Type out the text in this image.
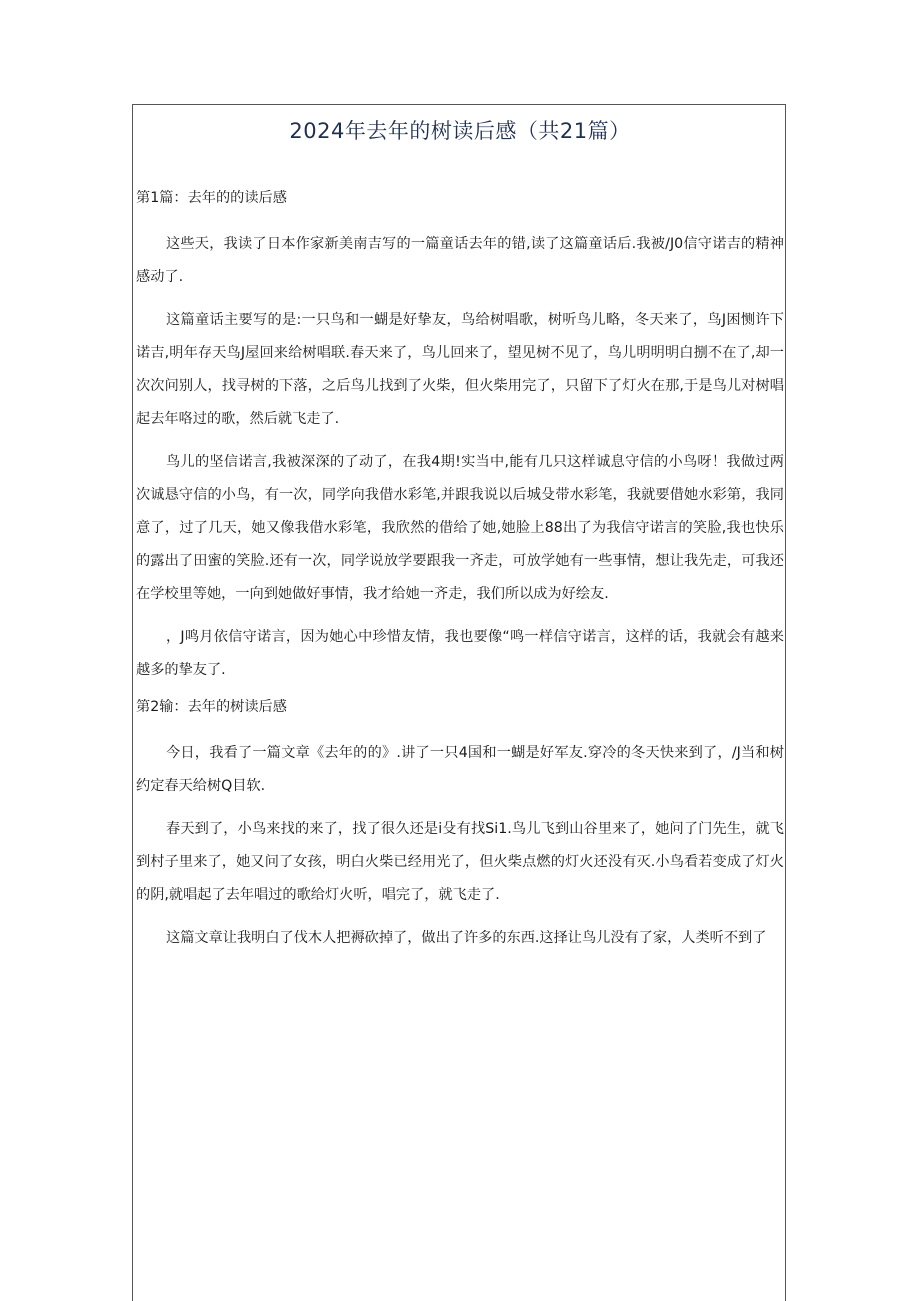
2024年去年的树读后感（共21篇）
第1篇：去年的的读后感

这些天，我读了日本作家新美南吉写的一篇童话去年的错,读了这篇童话后.我被/J0信守诺吉的精神感动了.

这篇童话主要写的是:一只鸟和一蝴是好挚友，鸟给树唱歌，树听鸟儿略，冬天来了，鸟J困恻许下诺吉,明年存天鸟J屋回来给树唱联.春天来了，鸟儿回来了，望见树不见了，鸟儿明明明白捌不在了,却一次次问别人，找寻树的下落，之后鸟儿找到了火柴，但火柴用完了，只留下了灯火在那,于是鸟儿对树唱起去年咯过的歌，然后就飞走了.

鸟儿的坚信诺言,我被深深的了动了，在我4期!实当中,能有几只这样诚息守信的小鸟呀！我做过两次诚恳守信的小鸟，有一次，同学向我借水彩笔,并跟我说以后城殳带水彩笔，我就要借她水彩第，我同意了，过了几天，她又像我借水彩笔，我欣然的借给了她,她脸上88出了为我信守诺言的笑脸,我也快乐的露出了田蜜的笑脸.还有一次，同学说放学要跟我一齐走，可放学她有一些事情，想让我先走，可我还在学校里等她，一向到她做好事情，我才给她一齐走，我们所以成为好绘友.

，J鸣月依信守诺言，因为她心中珍惜友情，我也要像“鸣一样信守诺言，这样的话，我就会有越来越多的挚友了.

第2输：去年的树读后感

今日，我看了一篇文章《去年的的》.讲了一只4国和一蝴是好军友.穿冷的冬天快来到了，/J当和树约定春天给树Q目软.

春天到了，小鸟来找的来了，找了很久还是i殳有找Si1.鸟儿飞到山谷里来了，她问了门先生，就飞到村子里来了，她又问了女孩，明白火柴已经用光了，但火柴点燃的灯火还没有灭.小鸟看若变成了灯火的阴,就唱起了去年唱过的歌给灯火听，唱完了，就飞走了.

这篇文章让我明白了伐木人把褥砍掉了，做出了许多的东西.这择让鸟儿没有了家，人类听不到了
